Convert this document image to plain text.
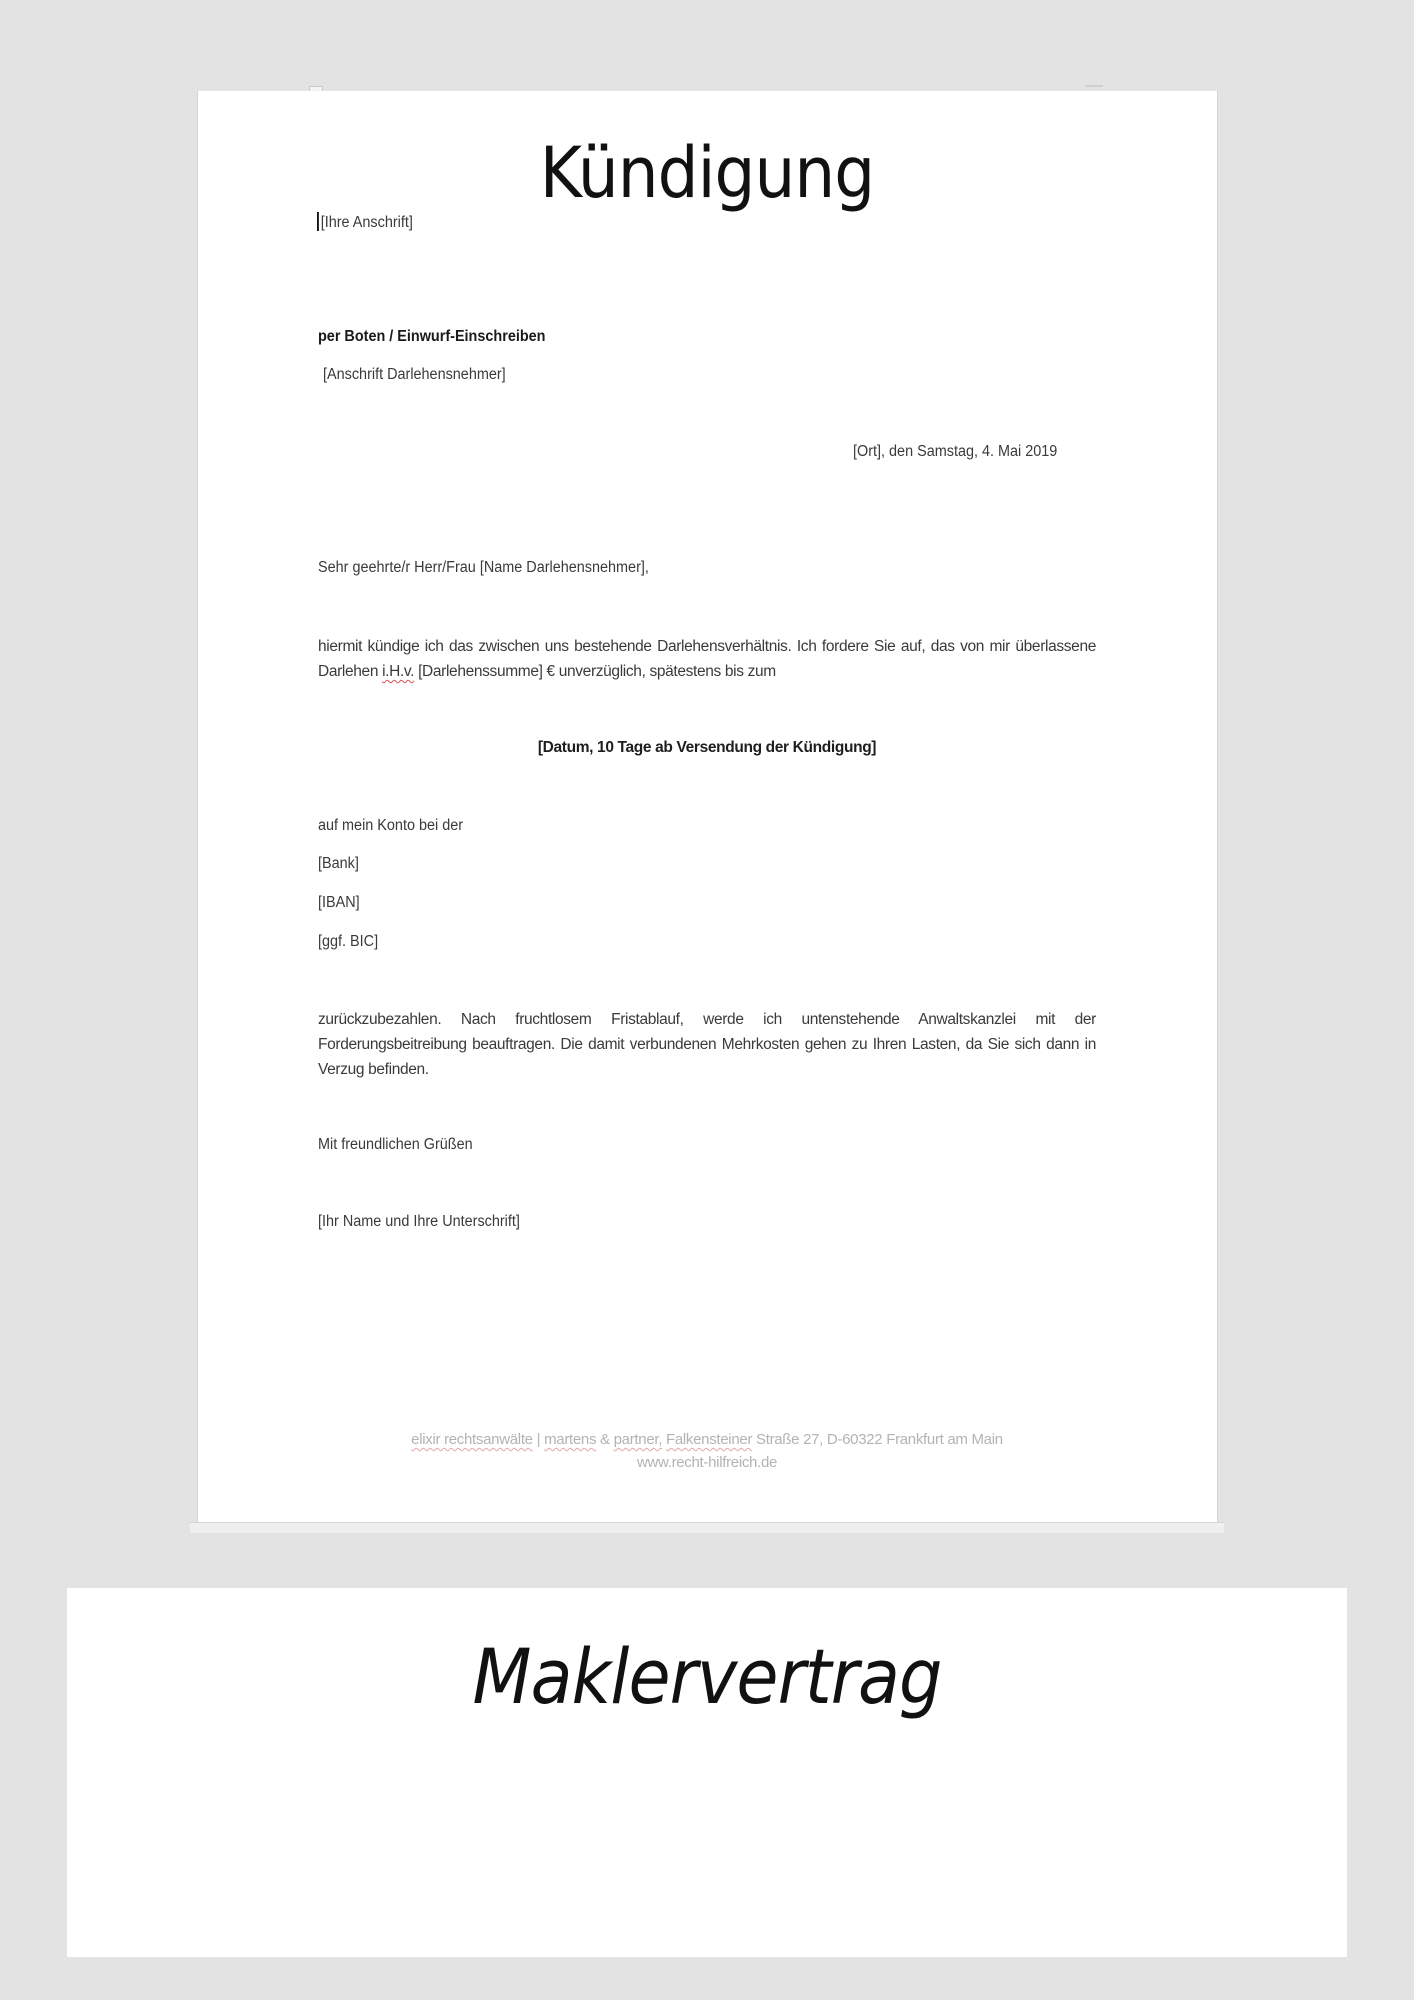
Kündigung
[Ihre Anschrift]
per Boten / Einwurf-Einschreiben
[Anschrift Darlehensnehmer]
[Ort], den Samstag, 4. Mai 2019
Sehr geehrte/r Herr/Frau [Name Darlehensnehmer],
hiermit kündige ich das zwischen uns bestehende Darlehensverhältnis. Ich fordere Sie auf, das von mir überlassene Darlehen i.H.v. [Darlehenssumme] € unverzüglich, spätestens bis zum
[Datum, 10 Tage ab Versendung der Kündigung]
auf mein Konto bei der
[Bank]
[IBAN]
[ggf. BIC]
zurückzubezahlen. Nach fruchtlosem Fristablauf, werde ich untenstehende Anwaltskanzlei mit der Forderungsbeitreibung beauftragen. Die damit verbundenen Mehrkosten gehen zu Ihren Lasten, da Sie sich dann in Verzug befinden.
Mit freundlichen Grüßen
[Ihr Name und Ihre Unterschrift]
elixir rechtsanwälte | martens & partner, Falkensteiner Straße 27, D-60322 Frankfurt am Main
www.recht-hilfreich.de
Maklervertrag
